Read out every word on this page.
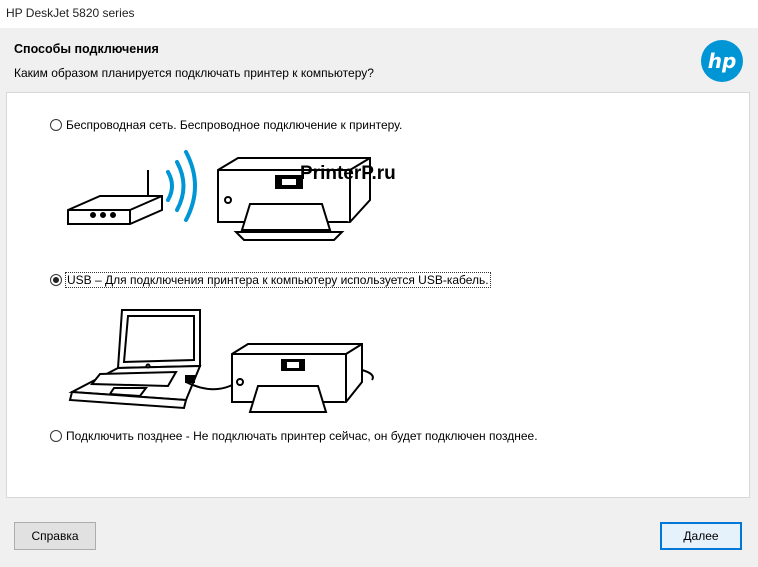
HP DeskJet 5820 series
Способы подключения
Каким образом планируется подключать принтер к компьютеру?	hp
Беспроводная сеть. Беспроводное подключение к принтеру.
PrinterP.ru
USB – Для подключения принтера к компьютеру используется USB-кабель.
Подключить позднее - Не подключать принтер сейчас, он будет подключен позднее.
Справка	Далее
